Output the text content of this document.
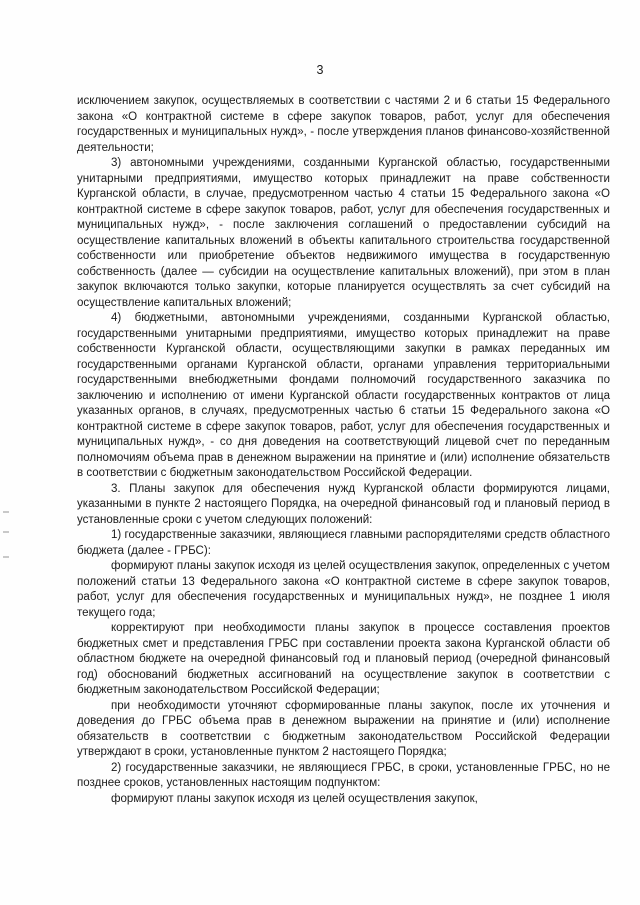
3

исключением закупок, осуществляемых в соответствии с частями 2 и 6 статьи 15 Федерального закона «О контрактной системе в сфере закупок товаров, работ, услуг для обеспечения государственных и муниципальных нужд», - после утверждения планов финансово-хозяйственной деятельности;

3) автономными учреждениями, созданными Курганской областью, государственными унитарными предприятиями, имущество которых принадлежит на праве собственности Курганской области, в случае, предусмотренном частью 4 статьи 15 Федерального закона «О контрактной системе в сфере закупок товаров, работ, услуг для обеспечения государственных и муниципальных нужд», - после заключения соглашений о предоставлении субсидий на осуществление капитальных вложений в объекты капитального строительства государственной собственности или приобретение объектов недвижимого имущества в государственную собственность (далее — субсидии на осуществление капитальных вложений), при этом в план закупок включаются только закупки, которые планируется осуществлять за счет субсидий на осуществление капитальных вложений;

4) бюджетными, автономными учреждениями, созданными Курганской областью, государственными унитарными предприятиями, имущество которых принадлежит на праве собственности Курганской области, осуществляющими закупки в рамках переданных им государственными органами Курганской области, органами управления территориальными государственными внебюджетными фондами полномочий государственного заказчика по заключению и исполнению от имени Курганской области государственных контрактов от лица указанных органов, в случаях, предусмотренных частью 6 статьи 15 Федерального закона «О контрактной системе в сфере закупок товаров, работ, услуг для обеспечения государственных и муниципальных нужд», - со дня доведения на соответствующий лицевой счет по переданным полномочиям объема прав в денежном выражении на принятие и (или) исполнение обязательств в соответствии с бюджетным законодательством Российской Федерации.

3. Планы закупок для обеспечения нужд Курганской области формируются лицами, указанными в пункте 2 настоящего Порядка, на очередной финансовый год и плановый период в установленные сроки с учетом следующих положений:

1) государственные заказчики, являющиеся главными распорядителями средств областного бюджета (далее - ГРБС):

формируют планы закупок исходя из целей осуществления закупок, определенных с учетом положений статьи 13 Федерального закона «О контрактной системе в сфере закупок товаров, работ, услуг для обеспечения государственных и муниципальных нужд», не позднее 1 июля текущего года;

корректируют при необходимости планы закупок в процессе составления проектов бюджетных смет и представления ГРБС при составлении проекта закона Курганской области об областном бюджете на очередной финансовый год и плановый период (очередной финансовый год) обоснований бюджетных ассигнований на осуществление закупок в соответствии с бюджетным законодательством Российской Федерации;

при необходимости уточняют сформированные планы закупок, после их уточнения и доведения до ГРБС объема прав в денежном выражении на принятие и (или) исполнение обязательств в соответствии с бюджетным законодательством Российской Федерации утверждают в сроки, установленные пунктом 2 настоящего Порядка;

2) государственные заказчики, не являющиеся ГРБС, в сроки, установленные ГРБС, но не позднее сроков, установленных настоящим подпунктом:

формируют планы закупок исходя из целей осуществления закупок,
